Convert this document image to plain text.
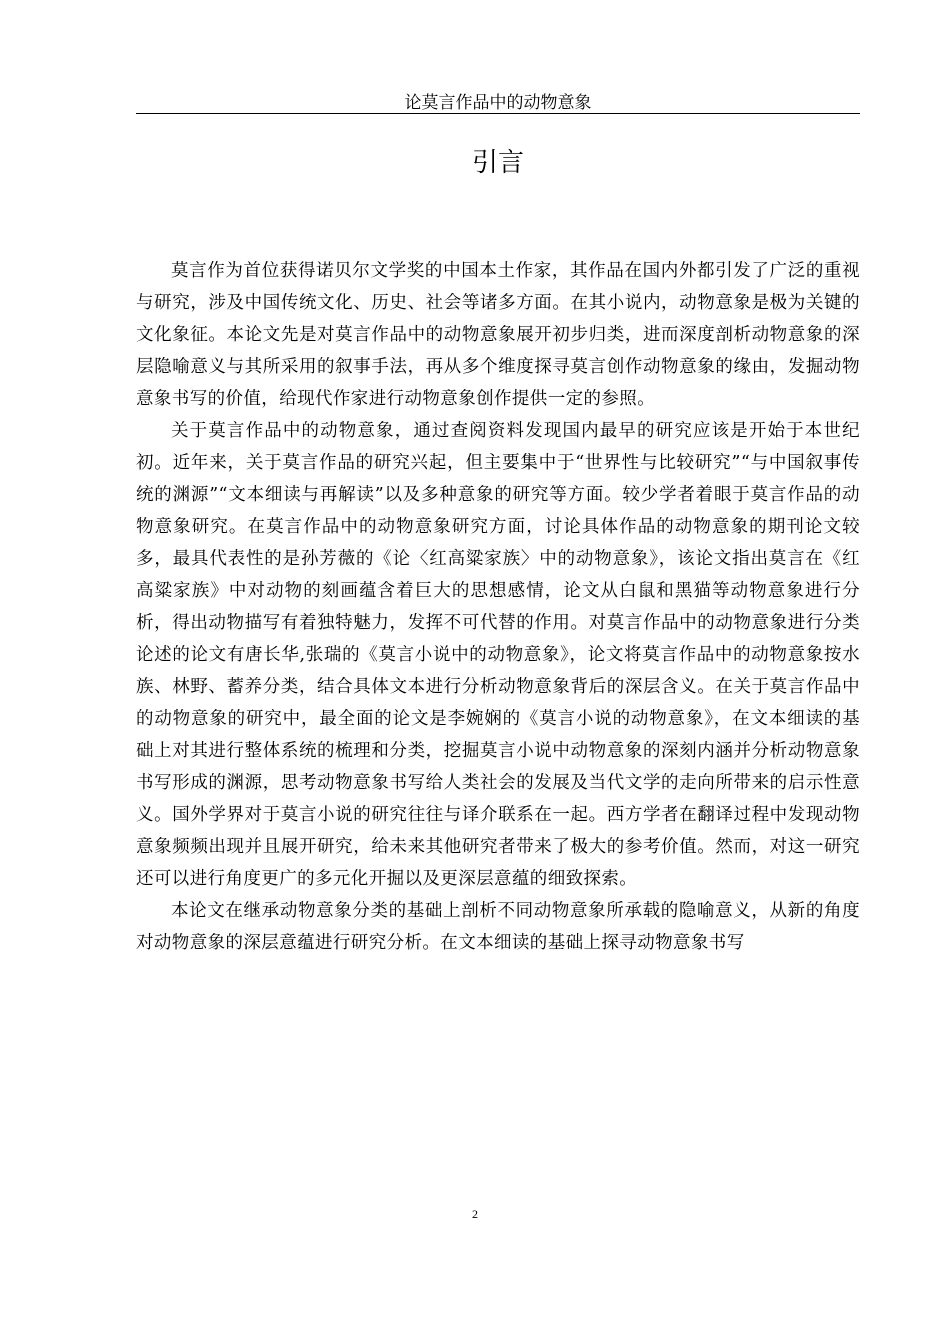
论莫言作品中的动物意象
引言

莫言作为首位获得诺贝尔文学奖的中国本土作家，其作品在国内外都引发了广泛的重视与研究，涉及中国传统文化、历史、社会等诸多方面。在其小说内，动物意象是极为关键的文化象征。本论文先是对莫言作品中的动物意象展开初步归类，进而深度剖析动物意象的深层隐喻意义与其所采用的叙事手法，再从多个维度探寻莫言创作动物意象的缘由，发掘动物意象书写的价值，给现代作家进行动物意象创作提供一定的参照。

关于莫言作品中的动物意象，通过查阅资料发现国内最早的研究应该是开始于本世纪初。近年来，关于莫言作品的研究兴起，但主要集中于“世界性与比较研究”“与中国叙事传统的渊源”“文本细读与再解读”以及多种意象的研究等方面。较少学者着眼于莫言作品的动物意象研究。在莫言作品中的动物意象研究方面，讨论具体作品的动物意象的期刊论文较多，最具代表性的是孙芳薇的《论〈红高粱家族〉中的动物意象》，该论文指出莫言在《红高粱家族》中对动物的刻画蕴含着巨大的思想感情，论文从白鼠和黑猫等动物意象进行分析，得出动物描写有着独特魅力，发挥不可代替的作用。对莫言作品中的动物意象进行分类论述的论文有唐长华,张瑞的《莫言小说中的动物意象》，论文将莫言作品中的动物意象按水族、林野、蓄养分类，结合具体文本进行分析动物意象背后的深层含义。在关于莫言作品中的动物意象的研究中，最全面的论文是李婉娴的《莫言小说的动物意象》，在文本细读的基础上对其进行整体系统的梳理和分类，挖掘莫言小说中动物意象的深刻内涵并分析动物意象书写形成的渊源，思考动物意象书写给人类社会的发展及当代文学的走向所带来的启示性意义。国外学界对于莫言小说的研究往往与译介联系在一起。西方学者在翻译过程中发现动物意象频频出现并且展开研究，给未来其他研究者带来了极大的参考价值。然而，对这一研究还可以进行角度更广的多元化开掘以及更深层意蕴的细致探索。

本论文在继承动物意象分类的基础上剖析不同动物意象所承载的隐喻意义，从新的角度对动物意象的深层意蕴进行研究分析。在文本细读的基础上探寻动物意象书写

2
